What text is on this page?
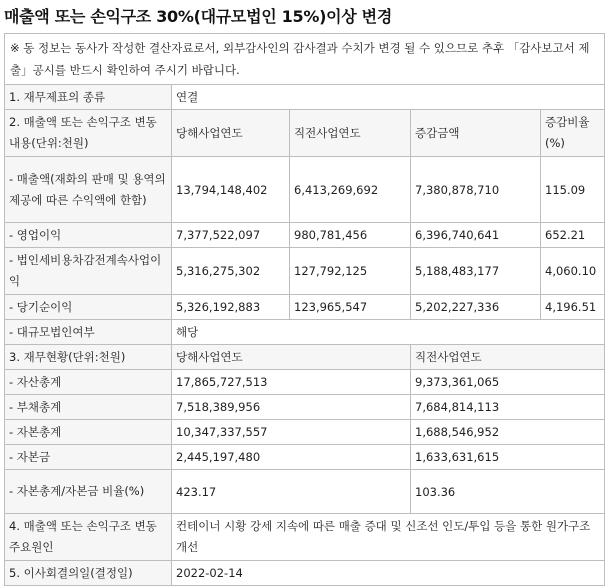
매출액 또는 손익구조 30%(대규모법인 15%)이상 변경
※ 동 정보는 동사가 작성한 결산자료로서, 외부감사인의 감사결과 수치가 변경 될 수 있으므로 추후 「감사보고서 제출」공시를 반드시 확인하여 주시기 바랍니다.				
1. 재무제표의 종류	연결			
2. 매출액 또는 손익구조 변동내용(단위:천원)	당해사업연도	직전사업연도	증감금액	증감비율(%)
- 매출액(재화의 판매 및 용역의 제공에 따른 수익액에 한함)	13,794,148,402	6,413,269,692	7,380,878,710	115.09
- 영업이익	7,377,522,097	980,781,456	6,396,740,641	652.21
- 법인세비용차감전계속사업이익	5,316,275,302	127,792,125	5,188,483,177	4,060.10
- 당기순이익	5,326,192,883	123,965,547	5,202,227,336	4,196.51
- 대규모법인여부	해당			
3. 재무현황(단위:천원)	당해사업연도		직전사업연도	
- 자산총계	17,865,727,513		9,373,361,065	
- 부채총계	7,518,389,956		7,684,814,113	
- 자본총계	10,347,337,557		1,688,546,952	
- 자본금	2,445,197,480		1,633,631,615	
- 자본총계/자본금 비율(%)	423.17		103.36	
4. 매출액 또는 손익구조 변동 주요원인	컨테이너 시황 강세 지속에 따른 매출 증대 및 신조선 인도/투입 등을 통한 원가구조 개선			
5. 이사회결의일(결정일)	2022-02-14			
